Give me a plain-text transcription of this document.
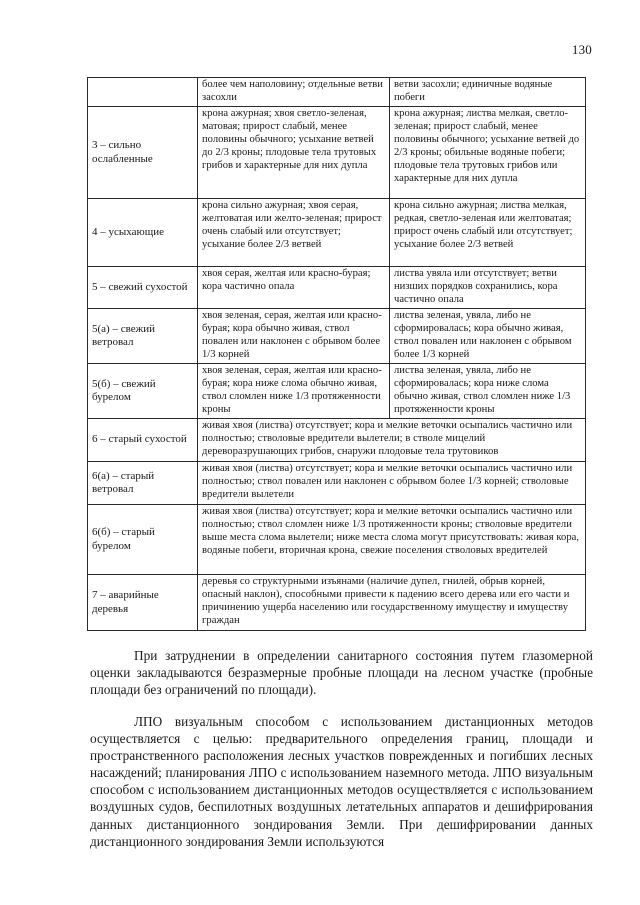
130
	более чем наполовину; отдельные ветви засохли	ветви засохли; единичные водяные побеги
3 – сильно ослабленные	крона ажурная; хвоя светло-зеленая, матовая; прирост слабый, менее половины обычного; усыхание ветвей до 2/3 кроны; плодовые тела трутовых грибов и характерные для них дупла	крона ажурная; листва мелкая, светло-зеленая; прирост слабый, менее половины обычного; усыхание ветвей до 2/3 кроны; обильные водяные побеги; плодовые тела трутовых грибов или характерные для них дупла
4 – усыхающие	крона сильно ажурная; хвоя серая, желтоватая или желто-зеленая; прирост очень слабый или отсутствует; усыхание более 2/3 ветвей	крона сильно ажурная; листва мелкая, редкая, светло-зеленая или желтоватая; прирост очень слабый или отсутствует; усыхание более 2/3 ветвей
5 – свежий сухостой	хвоя серая, желтая или красно-бурая; кора частично опала	листва увяла или отсутствует; ветви низших порядков сохранились, кора частично опала
5(а) – свежий ветровал	хвоя зеленая, серая, желтая или красно-бурая; кора обычно живая, ствол повален или наклонен с обрывом более 1/3 корней	листва зеленая, увяла, либо не сформировалась; кора обычно живая, ствол повален или наклонен с обрывом более 1/3 корней
5(б) – свежий бурелом	хвоя зеленая, серая, желтая или красно-бурая; кора ниже слома обычно живая, ствол сломлен ниже 1/3 протяженности кроны	листва зеленая, увяла, либо не сформировалась; кора ниже слома обычно живая, ствол сломлен ниже 1/3 протяженности кроны
6 – старый сухостой	живая хвоя (листва) отсутствует; кора и мелкие веточки осыпались частично или полностью; стволовые вредители вылетели; в стволе мицелий дереворазрушающих грибов, снаружи плодовые тела трутовиков	
6(а) – старый ветровал	живая хвоя (листва) отсутствует; кора и мелкие веточки осыпались частично или полностью; ствол повален или наклонен с обрывом более 1/3 корней; стволовые вредители вылетели	
6(б) – старый бурелом	живая хвоя (листва) отсутствует; кора и мелкие веточки осыпались частично или полностью; ствол сломлен ниже 1/3 протяженности кроны; стволовые вредители выше места слома вылетели; ниже места слома могут присутствовать: живая кора, водяные побеги, вторичная крона, свежие поселения стволовых вредителей	
7 – аварийные деревья	деревья со структурными изъянами (наличие дупел, гнилей, обрыв корней, опасный наклон), способными привести к падению всего дерева или его части и причинению ущерба населению или государственному имуществу и имуществу граждан	

При затруднении в определении санитарного состояния путем глазомерной оценки закладываются безразмерные пробные площади на лесном участке (пробные площади без ограничений по площади).

ЛПО визуальным способом с использованием дистанционных методов осуществляется с целью: предварительного определения границ, площади и пространственного расположения лесных участков поврежденных и погибших лесных насаждений; планирования ЛПО с использованием наземного метода. ЛПО визуальным способом с использованием дистанционных методов осуществляется с использованием воздушных судов, беспилотных воздушных летательных аппаратов и дешифрирования данных дистанционного зондирования Земли. При дешифрировании данных дистанционного зондирования Земли используются
